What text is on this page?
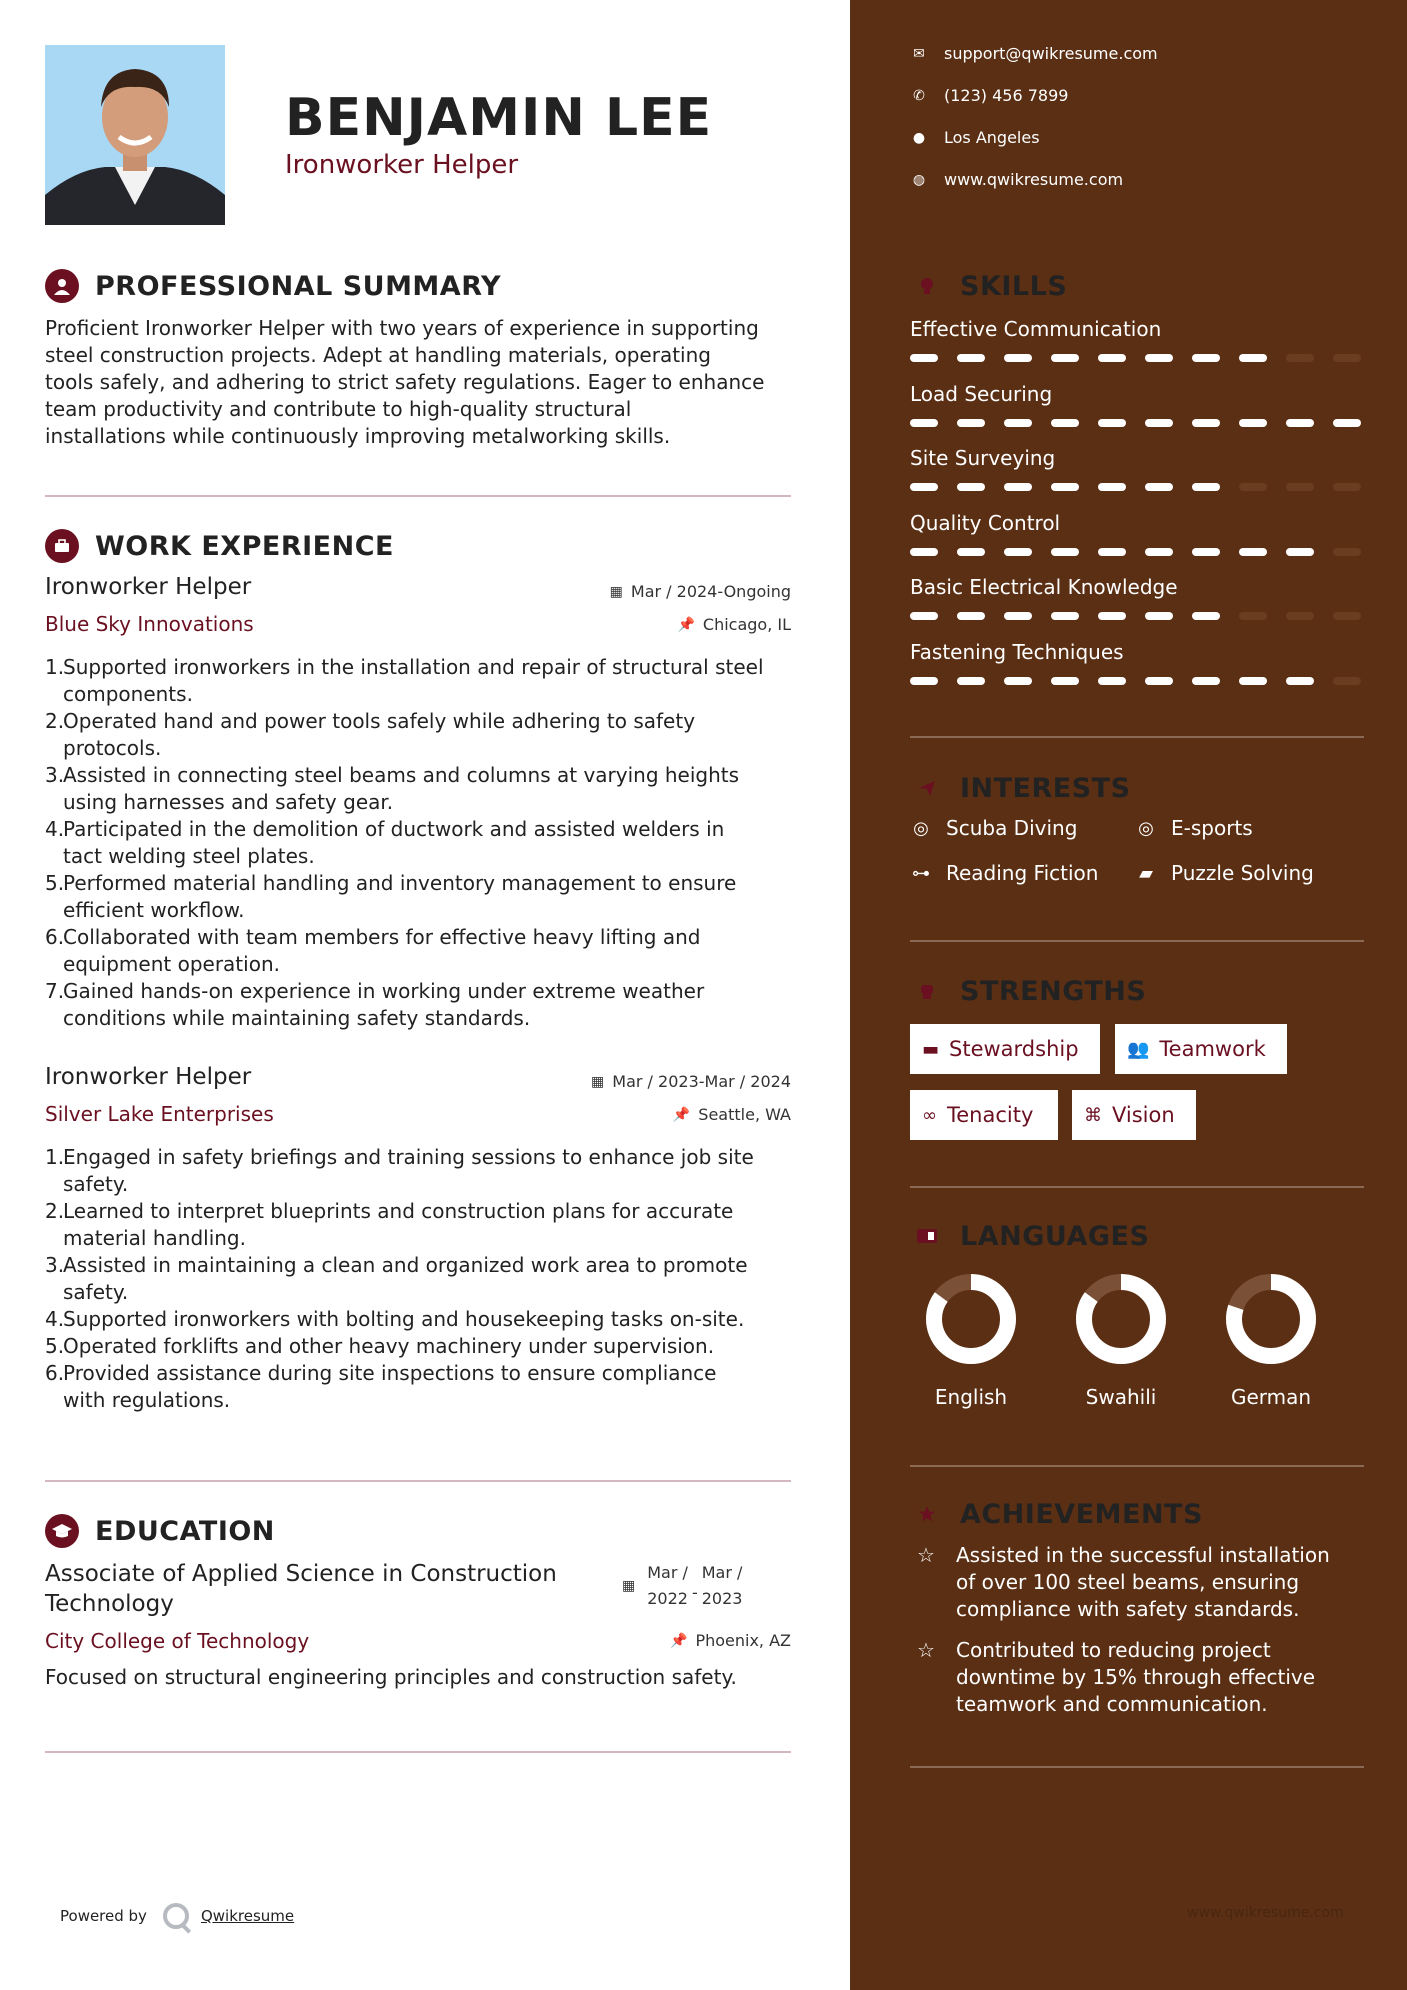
BENJAMIN LEE
Ironworker Helper
PROFESSIONAL SUMMARY
Proficient Ironworker Helper with two years of experience in supporting
steel construction projects. Adept at handling materials, operating
tools safely, and adhering to strict safety regulations. Eager to enhance
team productivity and contribute to high-quality structural
installations while continuously improving metalworking skills.
WORK EXPERIENCE
Ironworker Helper	▦ Mar / 2024-Ongoing
Blue Sky Innovations	📌 Chicago, IL
1.
Supported ironworkers in the installation and repair of structural steel
components.
2.
Operated hand and power tools safely while adhering to safety
protocols.
3.
Assisted in connecting steel beams and columns at varying heights
using harnesses and safety gear.
4.
Participated in the demolition of ductwork and assisted welders in
tact welding steel plates.
5.
Performed material handling and inventory management to ensure
efficient workflow.
6.
Collaborated with team members for effective heavy lifting and
equipment operation.
7.
Gained hands-on experience in working under extreme weather
conditions while maintaining safety standards.
Ironworker Helper	▦ Mar / 2023-Mar / 2024
Silver Lake Enterprises	📌 Seattle, WA
1.
Engaged in safety briefings and training sessions to enhance job site
safety.
2.
Learned to interpret blueprints and construction plans for accurate
material handling.
3.
Assisted in maintaining a clean and organized work area to promote
safety.
4.
Supported ironworkers with bolting and housekeeping tasks on-site.
5.
Operated forklifts and other heavy machinery under supervision.
6.
Provided assistance during site inspections to ensure compliance
with regulations.
EDUCATION
Associate of Applied Science in Construction
Technology
▦
Mar /
2022 -
Mar /
2023
City College of Technology	📌 Phoenix, AZ
Focused on structural engineering principles and construction safety.
Powered by	Qwikresume
✉ support@qwikresume.com
✆ (123) 456 7899
● Los Angeles
◍ www.qwikresume.com
SKILLS
Effective Communication
Load Securing
Site Surveying
Quality Control
Basic Electrical Knowledge
Fastening Techniques
INTERESTS
◎ Scuba Diving	◎ E-sports
⊶ Reading Fiction ▰ Puzzle Solving
STRENGTHS
▬ Stewardship	👥 Teamwork
∞ Tenacity	⌘ Vision
LANGUAGES
English	Swahili	German
ACHIEVEMENTS
☆	Assisted in the successful installation
of over 100 steel beams, ensuring
compliance with safety standards.
☆	Contributed to reducing project
downtime by 15% through effective
teamwork and communication.
www.qwikresume.com
